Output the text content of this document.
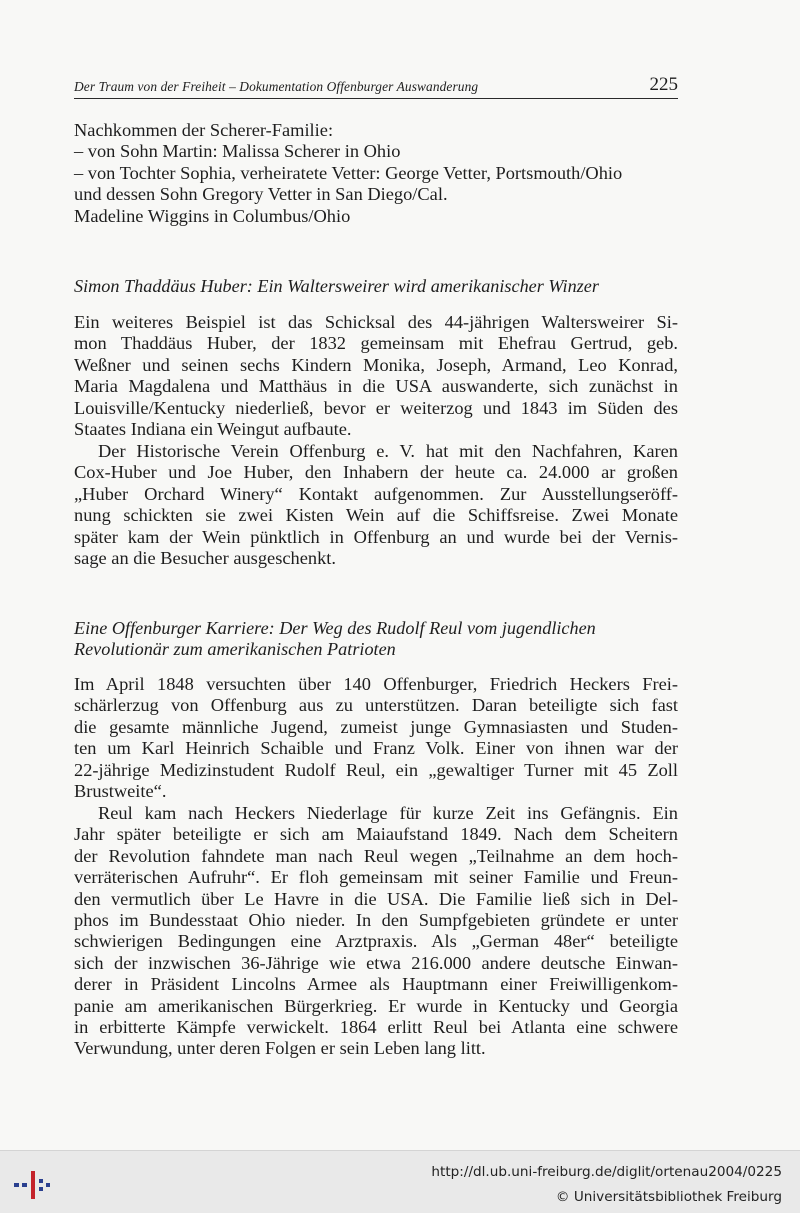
Der Traum von der Freiheit – Dokumentation Offenburger Auswanderung	225
Nachkommen der Scherer-Familie:
– von Sohn Martin: Malissa Scherer in Ohio
– von Tochter Sophia, verheiratete Vetter: George Vetter, Portsmouth/Ohio
und dessen Sohn Gregory Vetter in San Diego/Cal.
Madeline Wiggins in Columbus/Ohio
Simon Thaddäus Huber: Ein Waltersweirer wird amerikanischer Winzer
Ein weiteres Beispiel ist das Schicksal des 44-jährigen Waltersweirer Si-
mon Thaddäus Huber, der 1832 gemeinsam mit Ehefrau Gertrud, geb.
Weßner und seinen sechs Kindern Monika, Joseph, Armand, Leo Konrad,
Maria Magdalena und Matthäus in die USA auswanderte, sich zunächst in
Louisville/Kentucky niederließ, bevor er weiterzog und 1843 im Süden des
Staates Indiana ein Weingut aufbaute.
Der Historische Verein Offenburg e. V. hat mit den Nachfahren, Karen
Cox-Huber und Joe Huber, den Inhabern der heute ca. 24.000 ar großen
„Huber Orchard Winery“ Kontakt aufgenommen. Zur Ausstellungseröff-
nung schickten sie zwei Kisten Wein auf die Schiffsreise. Zwei Monate
später kam der Wein pünktlich in Offenburg an und wurde bei der Vernis-
sage an die Besucher ausgeschenkt.
Eine Offenburger Karriere: Der Weg des Rudolf Reul vom jugendlichen
Revolutionär zum amerikanischen Patrioten
Im April 1848 versuchten über 140 Offenburger, Friedrich Heckers Frei-
schärlerzug von Offenburg aus zu unterstützen. Daran beteiligte sich fast
die gesamte männliche Jugend, zumeist junge Gymnasiasten und Studen-
ten um Karl Heinrich Schaible und Franz Volk. Einer von ihnen war der
22-jährige Medizinstudent Rudolf Reul, ein „gewaltiger Turner mit 45 Zoll
Brustweite“.
Reul kam nach Heckers Niederlage für kurze Zeit ins Gefängnis. Ein
Jahr später beteiligte er sich am Maiaufstand 1849. Nach dem Scheitern
der Revolution fahndete man nach Reul wegen „Teilnahme an dem hoch-
verräterischen Aufruhr“. Er floh gemeinsam mit seiner Familie und Freun-
den vermutlich über Le Havre in die USA. Die Familie ließ sich in Del-
phos im Bundesstaat Ohio nieder. In den Sumpfgebieten gründete er unter
schwierigen Bedingungen eine Arztpraxis. Als „German 48er“ beteiligte
sich der inzwischen 36-Jährige wie etwa 216.000 andere deutsche Einwan-
derer in Präsident Lincolns Armee als Hauptmann einer Freiwilligenkom-
panie am amerikanischen Bürgerkrieg. Er wurde in Kentucky und Georgia
in erbitterte Kämpfe verwickelt. 1864 erlitt Reul bei Atlanta eine schwere
Verwundung, unter deren Folgen er sein Leben lang litt.
http://dl.ub.uni-freiburg.de/diglit/ortenau2004/0225
© Universitätsbibliothek Freiburg
